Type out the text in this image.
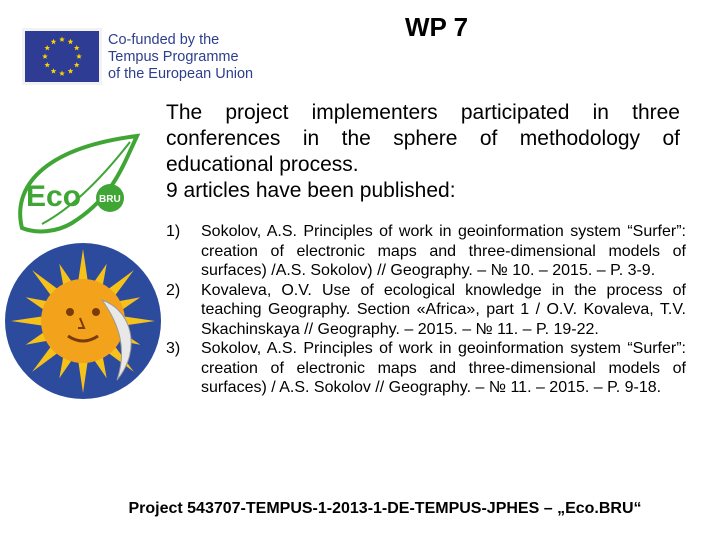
Co-funded by the
Tempus Programme
of the European Union
WP 7
Eco BRU

The project implementers participated in three

conferences in the sphere of methodology of

educational process.

9 articles have been published:

1) Sokolov, A.S. Principles of work in geoinformation system “Surfer”: creation of electronic maps and three-dimensional models of surfaces) /A.S. Sokolov) // Geography. – № 10. – 2015. – P. 3-9.
2) Kovaleva, O.V. Use of ecological knowledge in the process of teaching Geography. Section «Africa», part 1 / O.V. Kovaleva, T.V. Skachinskaya // Geography. – 2015. – № 11. – P. 19-22.
3) Sokolov, A.S. Principles of work in geoinformation system “Surfer”: creation of electronic maps and three-dimensional models of surfaces) / A.S. Sokolov // Geography. – № 11. – 2015. – P. 9-18.
Project 543707-TEMPUS-1-2013-1-DE-TEMPUS-JPHES – „Eco.BRU“
